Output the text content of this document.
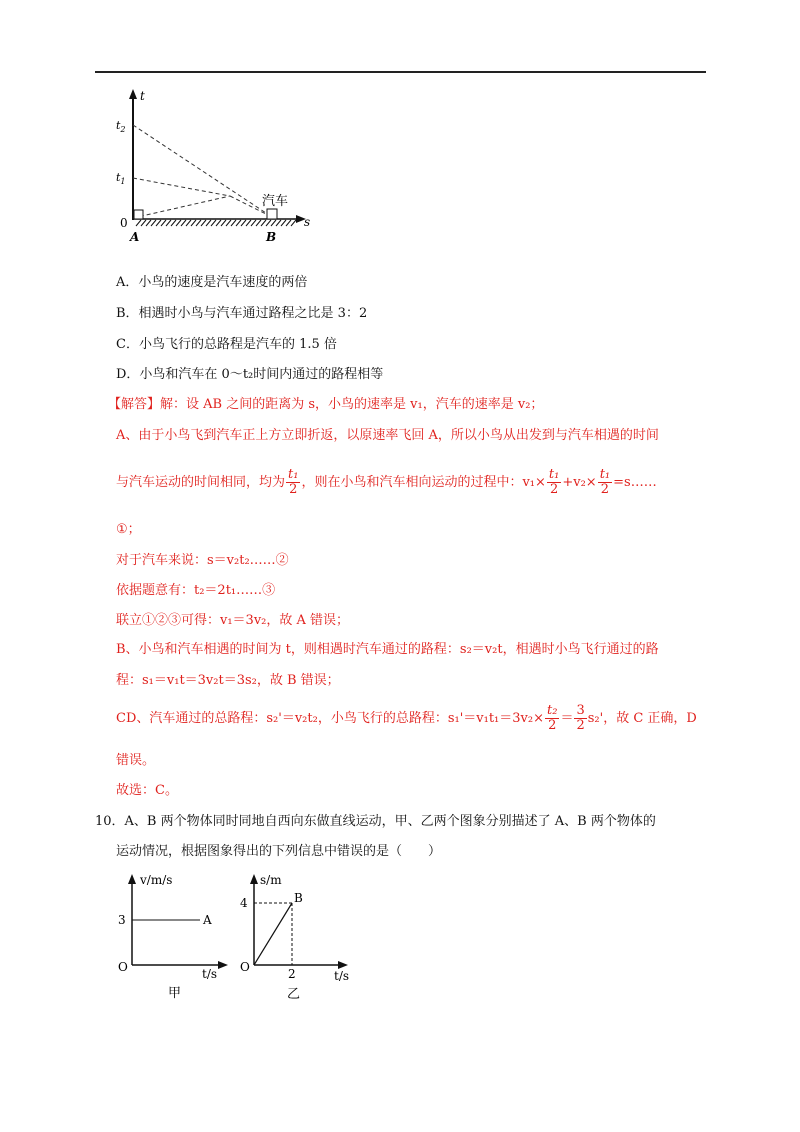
t
s
$t_2$
$t_1$
0
A	B
汽车
A．小鸟的速度是汽车速度的两倍
B．相遇时小鸟与汽车通过路程之比是 3：2
C．小鸟飞行的总路程是汽车的 1.5 倍
D．小鸟和汽车在 0～t₂时间内通过的路程相等
【解答】解：设 AB 之间的距离为 s，小鸟的速率是 v₁，汽车的速率是 v₂；
A、由于小鸟飞到汽车正上方立即折返，以原速率飞回 A，所以小鸟从出发到与汽车相遇的时间
与汽车运动的时间相同，均为 $\frac{\text{t₁}}{2}$ ，则在小鸟和汽车相向运动的过程中：$v_1\times \frac{\text{t₁}}{2} +v_2\times \frac{\text{t₁}}{2}$ =s……
①；
对于汽车来说：s＝v₂t₂……②
依据题意有：t₂＝2t₁……③
联立①②③可得：v₁＝3v₂，故 A 错误；
B、小鸟和汽车相遇的时间为 t，则相遇时汽车通过的路程：s₂＝v₂t，相遇时小鸟飞行通过的路
程：s₁＝v₁t＝3v₂t＝3s₂，故 B 错误；
CD、汽车通过的总路程：s₂'＝v₂t₂，小鸟飞行的总路程：$s_1'=v_1t_1=3v_2\times \frac{\text{t₂}}{2} = \frac{3}{2} s_2'$，故 C 正确，D
错误。
故选：C。
10．A、B 两个物体同时同地自西向东做直线运动，甲、乙两个图象分别描述了 A、B 两个物体的
运动情况，根据图象得出的下列信息中错误的是（　　）
v/m/s
3	A
O	t/s
甲
s/m
4	B
O	2	t/s
乙
